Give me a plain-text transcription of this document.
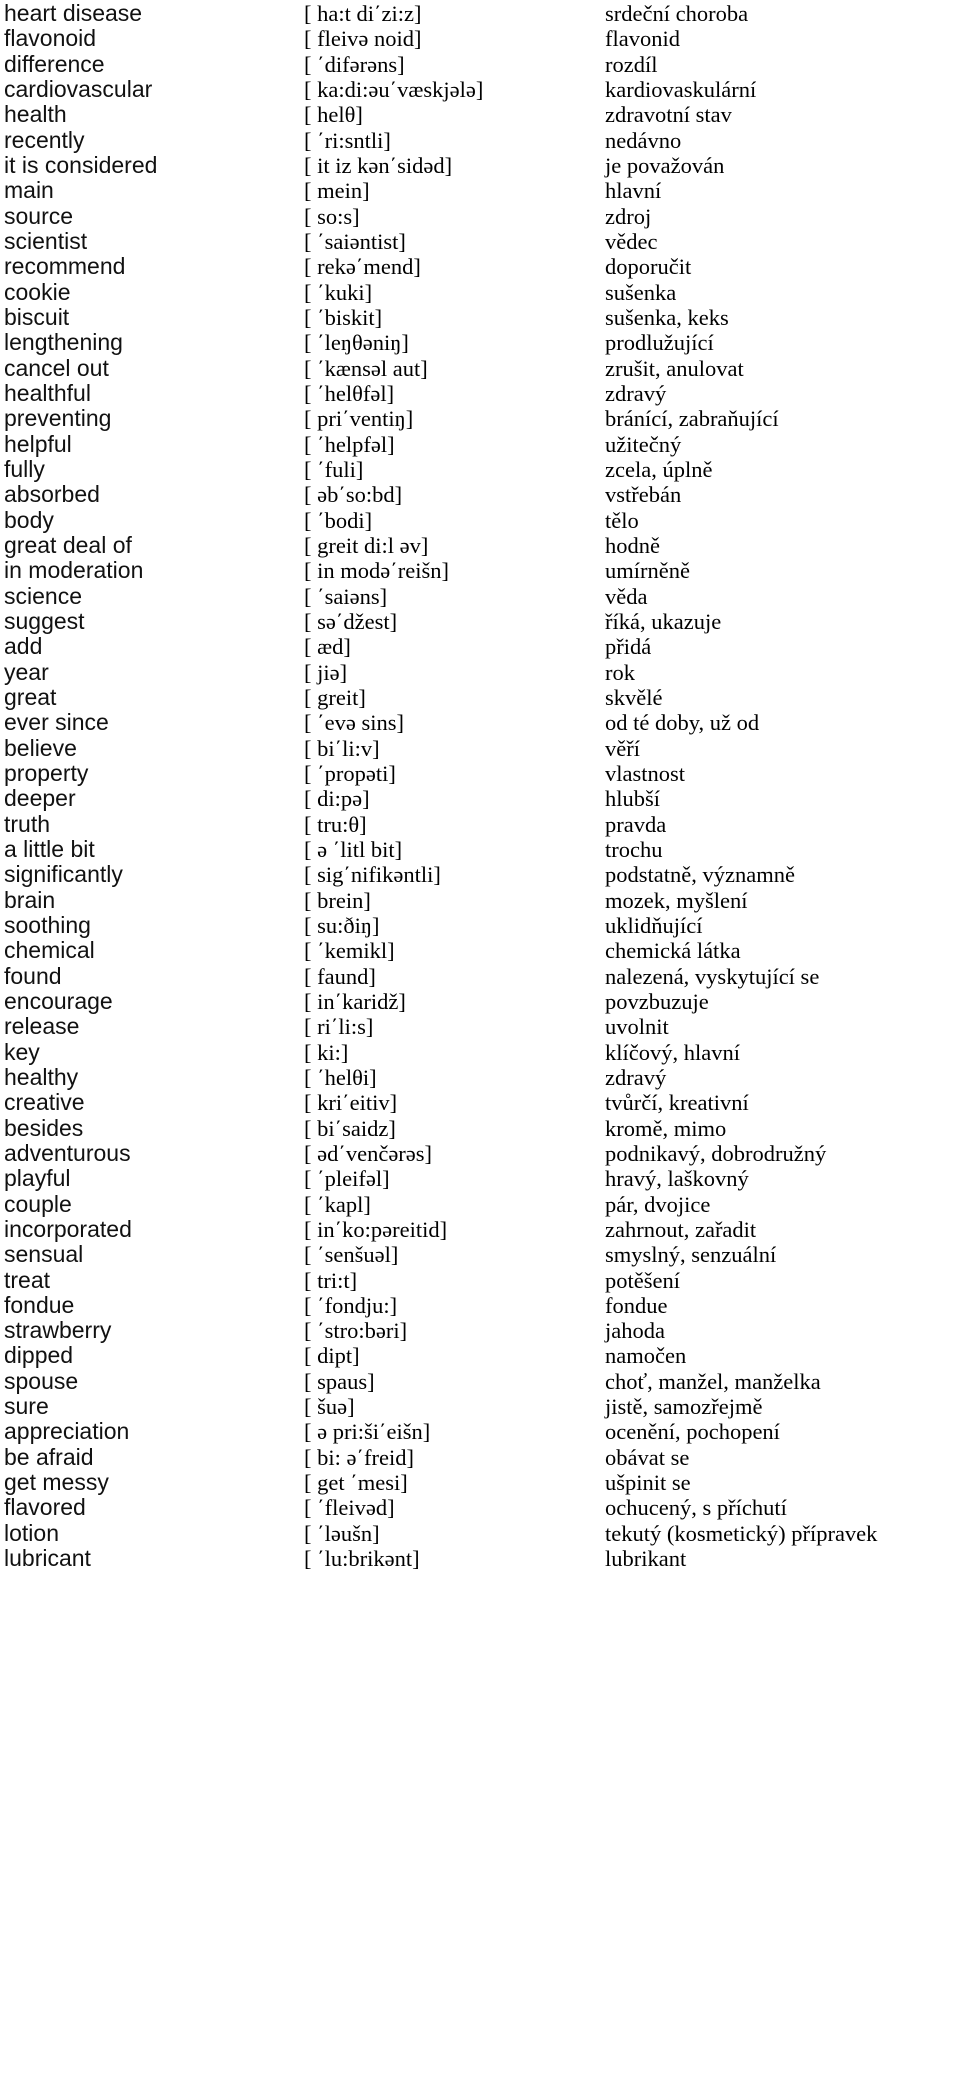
heart disease	[ ha:t di΄zi:z]	srdeční choroba
flavonoid	[ fleivə noid]	flavonid
difference	[ ΄difərəns]	rozdíl
cardiovascular	[ ka:di:əu΄væskjələ]	kardiovaskulární
health	[ helθ]	zdravotní stav
recently	[ ΄ri:sntli]	nedávno
it is considered	[ it iz kən΄sidəd]	je považován
main	[ mein]	hlavní
source	[ so:s]	zdroj
scientist	[ ΄saiəntist]	vědec
recommend	[ rekə΄mend]	doporučit
cookie	[ ΄kuki]	sušenka
biscuit	[ ΄biskit]	sušenka, keks
lengthening	[ ΄leŋθəniŋ]	prodlužující
cancel out	[ ΄kænsəl aut]	zrušit, anulovat
healthful	[ ΄helθfəl]	zdravý
preventing	[ pri΄ventiŋ]	bránící, zabraňující
helpful	[ ΄helpfəl]	užitečný
fully	[ ΄fuli]	zcela, úplně
absorbed	[ əb΄so:bd]	vstřebán
body	[ ΄bodi]	tělo
great deal of	[ greit di:l əv]	hodně
in moderation	[ in modə΄reišn]	umírněně
science	[ ΄saiəns]	věda
suggest	[ sə΄džest]	říká, ukazuje
add	[ æd]	přidá
year	[ jiə]	rok
great	[ greit]	skvělé
ever since	[ ΄evə sins]	od té doby, už od
believe	[ bi΄li:v]	věří
property	[ ΄propəti]	vlastnost
deeper	[ di:pə]	hlubší
truth	[ tru:θ]	pravda
a little bit	[ ə ΄litl bit]	trochu
significantly	[ sig΄nifikəntli]	podstatně, významně
brain	[ brein]	mozek, myšlení
soothing	[ su:ðiŋ]	uklidňující
chemical	[ ΄kemikl]	chemická látka
found	[ faund]	nalezená, vyskytující se
encourage	[ in΄karidž]	povzbuzuje
release	[ ri΄li:s]	uvolnit
key	[ ki:]	klíčový, hlavní
healthy	[ ΄helθi]	zdravý
creative	[ kri΄eitiv]	tvůrčí, kreativní
besides	[ bi΄saidz]	kromě, mimo
adventurous	[ əd΄venčərəs]	podnikavý, dobrodružný
playful	[ ΄pleifəl]	hravý, laškovný
couple	[ ΄kapl]	pár, dvojice
incorporated	[ in΄ko:pəreitid]	zahrnout, zařadit
sensual	[ ΄senšuəl]	smyslný, senzuální
treat	[ tri:t]	potěšení
fondue	[ ΄fondju:]	fondue
strawberry	[ ΄stro:bəri]	jahoda
dipped	[ dipt]	namočen
spouse	[ spaus]	choť, manžel, manželka
sure	[ šuə]	jistě, samozřejmě
appreciation	[ ə pri:ši΄eišn]	ocenění, pochopení
be afraid	[ bi: ə΄freid]	obávat se
get messy	[ get ΄mesi]	ušpinit se
flavored	[ ΄fleivəd]	ochucený, s příchutí
lotion	[ ΄ləušn]	tekutý (kosmetický) přípravek
lubricant	[ ΄lu:brikənt]	lubrikant
